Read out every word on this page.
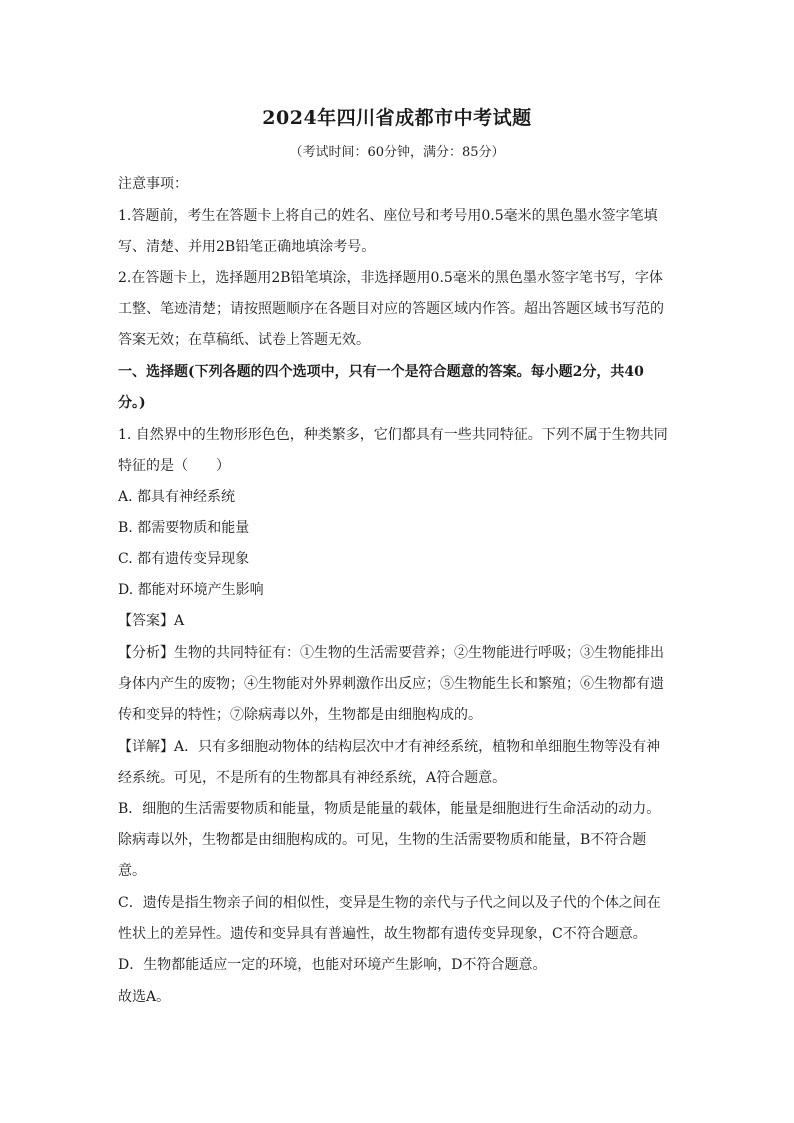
2024年四川省成都市中考试题
（考试时间：60分钟，满分：85分）
注意事项：
1.答题前，考生在答题卡上将自己的姓名、座位号和考号用0.5毫米的黑色墨水签字笔填
写、清楚、并用2B铅笔正确地填涂考号。
2.在答题卡上，选择题用2B铅笔填涂，非选择题用0.5毫米的黑色墨水签字笔书写，字体
工整、笔迹清楚；请按照题顺序在各题目对应的答题区域内作答。超出答题区域书写范的
答案无效；在草稿纸、试卷上答题无效。
一、选择题(下列各题的四个选项中，只有一个是符合题意的答案。每小题2分，共40
分。)
1. 自然界中的生物形形色色，种类繁多，它们都具有一些共同特征。下列不属于生物共同
特征的是（　　）
A. 都具有神经系统
B. 都需要物质和能量
C. 都有遗传变异现象
D. 都能对环境产生影响
【答案】A
【分析】生物的共同特征有：①生物的生活需要营养；②生物能进行呼吸；③生物能排出
身体内产生的废物；④生物能对外界刺激作出反应；⑤生物能生长和繁殖；⑥生物都有遗
传和变异的特性；⑦除病毒以外，生物都是由细胞构成的。
【详解】A．只有多细胞动物体的结构层次中才有神经系统，植物和单细胞生物等没有神
经系统。可见，不是所有的生物都具有神经系统，A符合题意。
B．细胞的生活需要物质和能量，物质是能量的载体，能量是细胞进行生命活动的动力。
除病毒以外，生物都是由细胞构成的。可见，生物的生活需要物质和能量，B不符合题
意。
C．遗传是指生物亲子间的相似性，变异是生物的亲代与子代之间以及子代的个体之间在
性状上的差异性。遗传和变异具有普遍性，故生物都有遗传变异现象，C不符合题意。
D．生物都能适应一定的环境，也能对环境产生影响，D不符合题意。
故选A。
